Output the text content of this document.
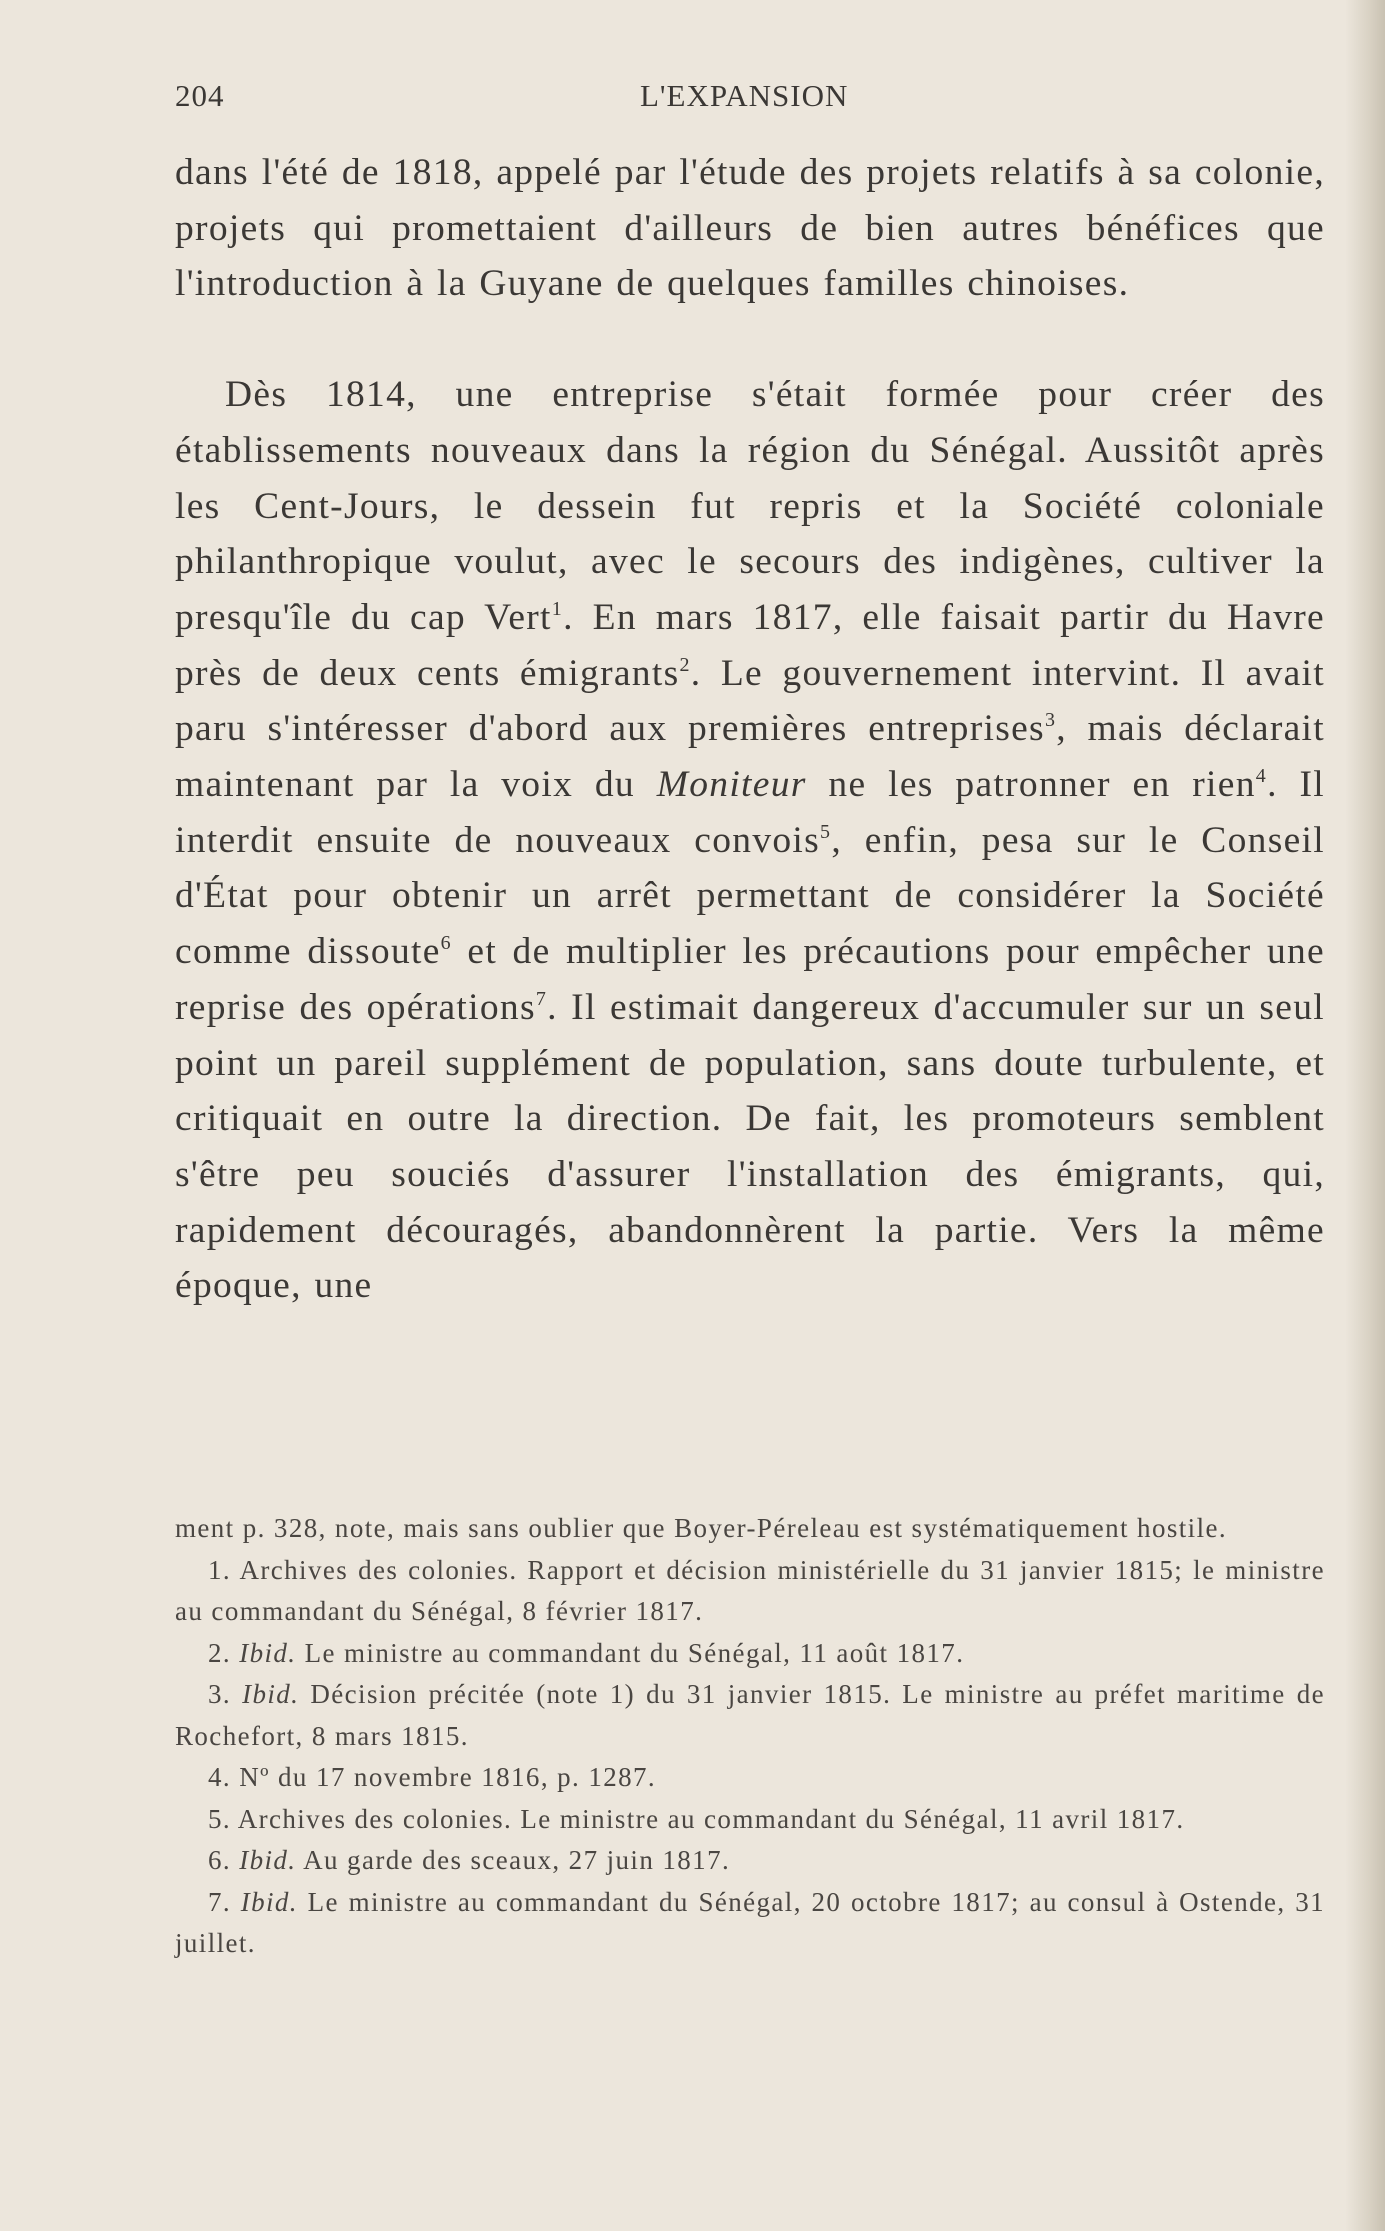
204	L'EXPANSION

dans l'été de 1818, appelé par l'étude des projets relatifs à sa colonie, projets qui promettaient d'ailleurs de bien autres bénéfices que l'introduction à la Guyane de quelques familles chinoises.

Dès 1814, une entreprise s'était formée pour créer des établissements nouveaux dans la région du Sénégal. Aussitôt après les Cent-Jours, le dessein fut repris et la Société coloniale philanthropique voulut, avec le secours des indigènes, cultiver la presqu'île du cap Vert$^1$. En mars 1817, elle faisait partir du Havre près de deux cents émigrants$^2$. Le gouvernement intervint. Il avait paru s'intéresser d'abord aux premières entreprises$^3$, mais déclarait maintenant par la voix du Moniteur ne les patronner en rien$^4$. Il interdit ensuite de nouveaux convois$^5$, enfin, pesa sur le Conseil d'État pour obtenir un arrêt permettant de considérer la Société comme dissoute$^6$ et de multiplier les précautions pour empêcher une reprise des opérations$^7$. Il estimait dangereux d'accumuler sur un seul point un pareil supplément de population, sans doute turbulente, et critiquait en outre la direction. De fait, les promoteurs semblent s'être peu souciés d'assurer l'installation des émigrants, qui, rapidement découragés, abandonnèrent la partie. Vers la même époque, une

ment p. 328, note, mais sans oublier que Boyer-Péreleau est systématiquement hostile.

1. Archives des colonies. Rapport et décision ministérielle du 31 janvier 1815; le ministre au commandant du Sénégal, 8 février 1817.

2. Ibid. Le ministre au commandant du Sénégal, 11 août 1817.

3. Ibid. Décision précitée (note 1) du 31 janvier 1815. Le ministre au préfet maritime de Rochefort, 8 mars 1815.

4. Nº du 17 novembre 1816, p. 1287.

5. Archives des colonies. Le ministre au commandant du Sénégal, 11 avril 1817.

6. Ibid. Au garde des sceaux, 27 juin 1817.

7. Ibid. Le ministre au commandant du Sénégal, 20 octobre 1817; au consul à Ostende, 31 juillet.
